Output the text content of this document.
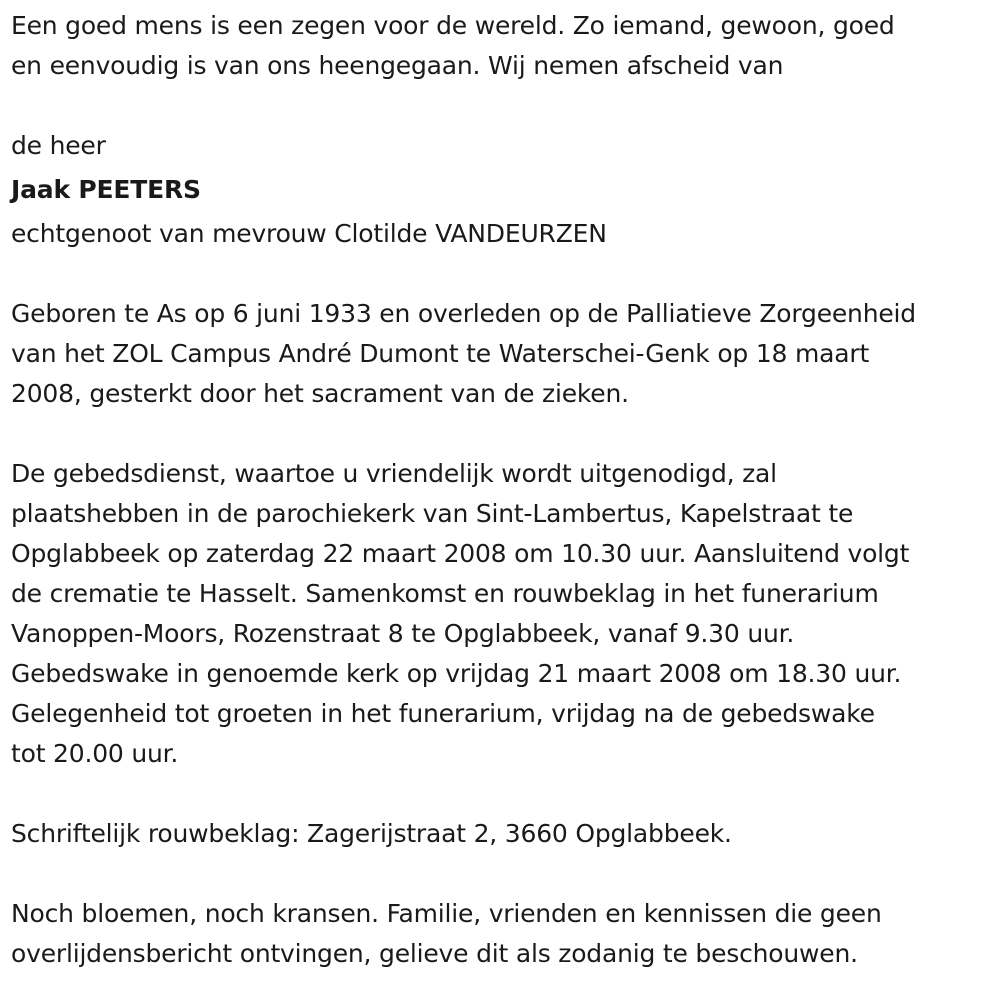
Een goed mens is een zegen voor de wereld. Zo iemand, gewoon, goed
en eenvoudig is van ons heengegaan. Wij nemen afscheid van
de heer
Jaak PEETERS
echtgenoot van mevrouw Clotilde VANDEURZEN
Geboren te As op 6 juni 1933 en overleden op de Palliatieve Zorgeenheid
van het ZOL Campus André Dumont te Waterschei-Genk op 18 maart
2008, gesterkt door het sacrament van de zieken.
De gebedsdienst, waartoe u vriendelijk wordt uitgenodigd, zal
plaatshebben in de parochiekerk van Sint-Lambertus, Kapelstraat te
Opglabbeek op zaterdag 22 maart 2008 om 10.30 uur. Aansluitend volgt
de crematie te Hasselt. Samenkomst en rouwbeklag in het funerarium
Vanoppen-Moors, Rozenstraat 8 te Opglabbeek, vanaf 9.30 uur.
Gebedswake in genoemde kerk op vrijdag 21 maart 2008 om 18.30 uur.
Gelegenheid tot groeten in het funerarium, vrijdag na de gebedswake
tot 20.00 uur.
Schriftelijk rouwbeklag: Zagerijstraat 2, 3660 Opglabbeek.
Noch bloemen, noch kransen. Familie, vrienden en kennissen die geen
overlijdensbericht ontvingen, gelieve dit als zodanig te beschouwen.
